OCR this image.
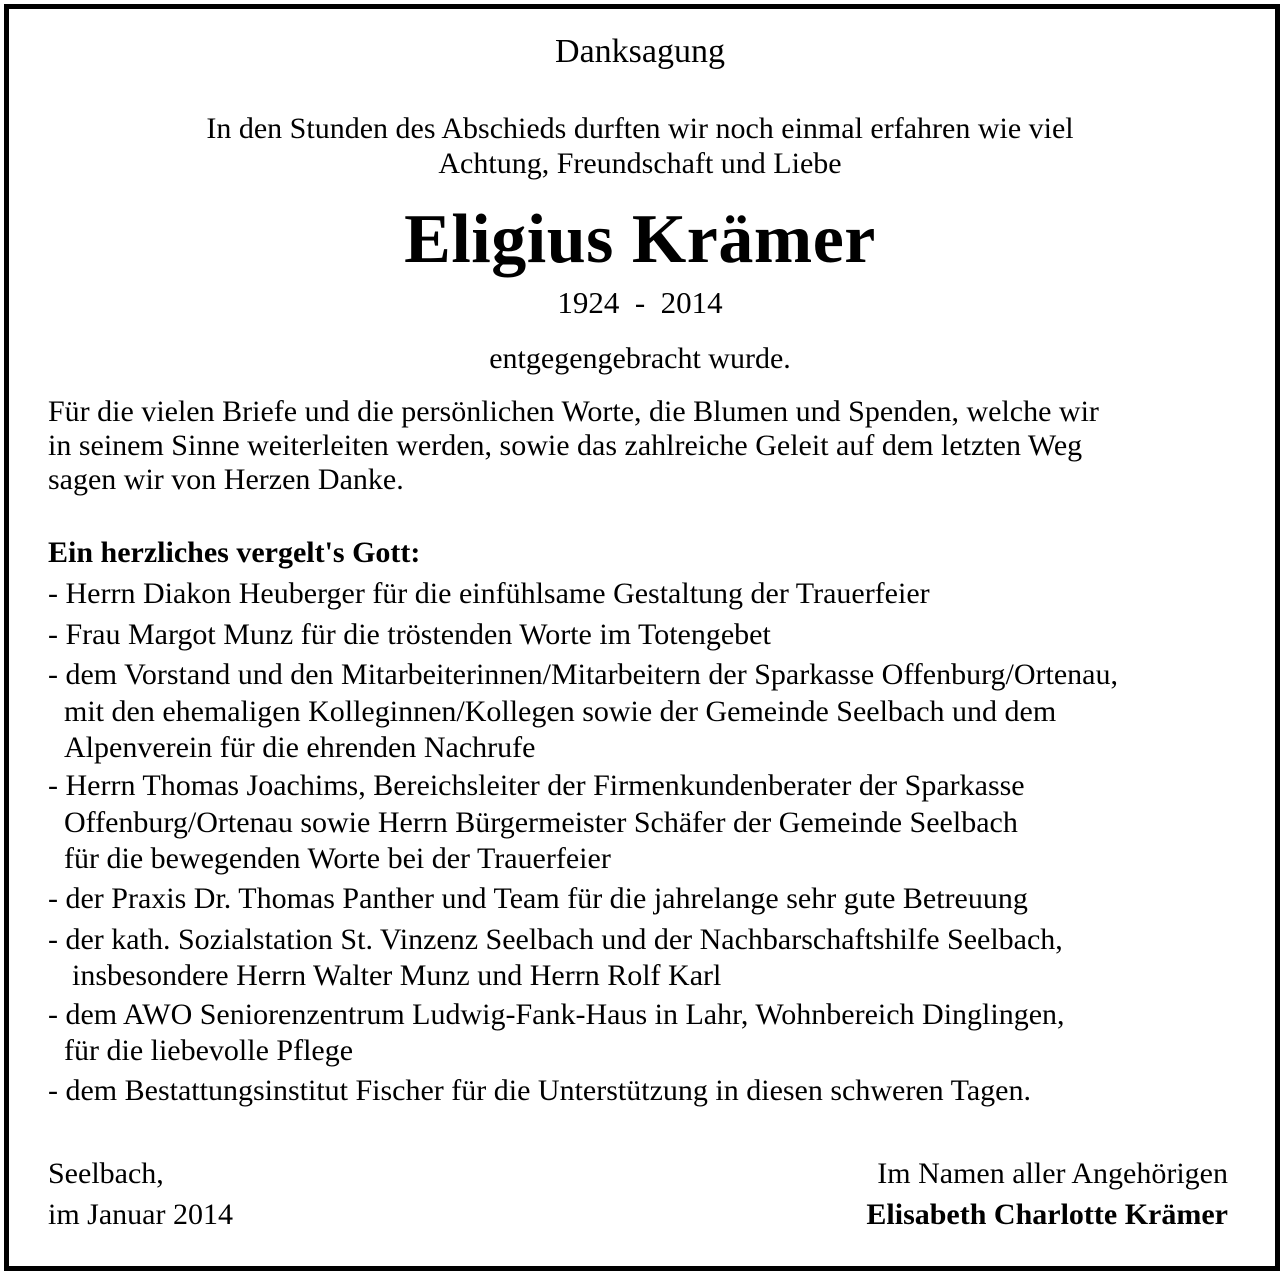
Danksagung
In den Stunden des Abschieds durften wir noch einmal erfahren wie viel
Achtung, Freundschaft und Liebe
Eligius Krämer
1924  -  2014
entgegengebracht wurde.
Für die vielen Briefe und die persönlichen Worte, die Blumen und Spenden, welche wir
in seinem Sinne weiterleiten werden, sowie das zahlreiche Geleit auf dem letzten Weg
sagen wir von Herzen Danke.
Ein herzliches vergelt's Gott:
- Herrn Diakon Heuberger für die einfühlsame Gestaltung der Trauerfeier
- Frau Margot Munz für die tröstenden Worte im Totengebet
- dem Vorstand und den Mitarbeiterinnen/Mitarbeitern der Sparkasse Offenburg/Ortenau,
mit den ehemaligen Kolleginnen/Kollegen sowie der Gemeinde Seelbach und dem
Alpenverein für die ehrenden Nachrufe
- Herrn Thomas Joachims, Bereichsleiter der Firmenkundenberater der Sparkasse
Offenburg/Ortenau sowie Herrn Bürgermeister Schäfer der Gemeinde Seelbach
für die bewegenden Worte bei der Trauerfeier
- der Praxis Dr. Thomas Panther und Team für die jahrelange sehr gute Betreuung
- der kath. Sozialstation St. Vinzenz Seelbach und der Nachbarschaftshilfe Seelbach,
insbesondere Herrn Walter Munz und Herrn Rolf Karl
- dem AWO Seniorenzentrum Ludwig-Fank-Haus in Lahr, Wohnbereich Dinglingen,
für die liebevolle Pflege
- dem Bestattungsinstitut Fischer für die Unterstützung in diesen schweren Tagen.
Seelbach,
im Januar 2014
Im Namen aller Angehörigen
Elisabeth Charlotte Krämer
